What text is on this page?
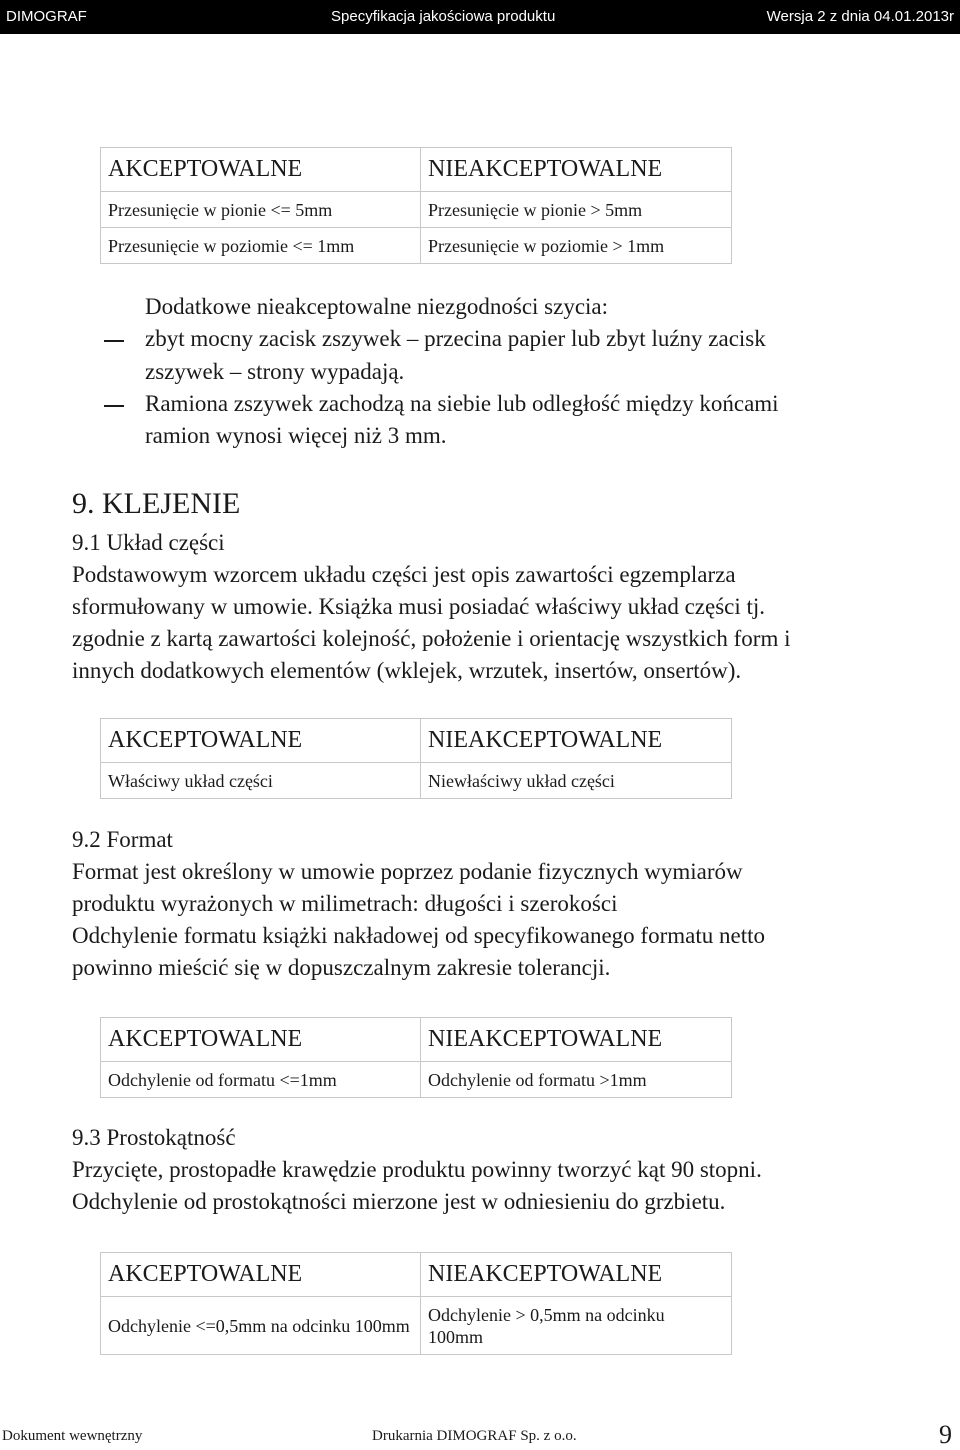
DIMOGRAF	Specyfikacja jakościowa produktu	Wersja 2 z dnia 04.01.2013r
AKCEPTOWALNE	NIEAKCEPTOWALNE
Przesunięcie w pionie <= 5mm	Przesunięcie w pionie > 5mm
Przesunięcie w poziomie <= 1mm	Przesunięcie w poziomie > 1mm
Dodatkowe nieakceptowalne niezgodności szycia:
zbyt mocny zacisk zszywek – przecina papier lub zbyt luźny zacisk
zszywek – strony wypadają.
Ramiona zszywek zachodzą na siebie lub odległość między końcami
ramion wynosi więcej niż 3 mm.
9. KLEJENIE
9.1 Układ części
Podstawowym wzorcem układu części jest opis zawartości egzemplarza
sformułowany w umowie. Książka musi posiadać właściwy układ części tj.
zgodnie z kartą zawartości kolejność, położenie i orientację wszystkich form i
innych dodatkowych elementów (wklejek, wrzutek, insertów, onsertów).
AKCEPTOWALNE	NIEAKCEPTOWALNE
Właściwy układ części	Niewłaściwy układ części
9.2 Format
Format jest określony w umowie poprzez podanie fizycznych wymiarów
produktu wyrażonych w milimetrach: długości i szerokości
Odchylenie formatu książki nakładowej od specyfikowanego formatu netto
powinno mieścić się w dopuszczalnym zakresie tolerancji.
AKCEPTOWALNE	NIEAKCEPTOWALNE
Odchylenie od formatu <=1mm	Odchylenie od formatu >1mm
9.3 Prostokątność
Przycięte, prostopadłe krawędzie produktu powinny tworzyć kąt 90 stopni.
Odchylenie od prostokątności mierzone jest w odniesieniu do grzbietu.
AKCEPTOWALNE	NIEAKCEPTOWALNE
Odchylenie <=0,5mm na odcinku 100mm	Odchylenie > 0,5mm na odcinku 100mm
Dokument wewnętrzny	Drukarnia DIMOGRAF Sp. z o.o.	9
